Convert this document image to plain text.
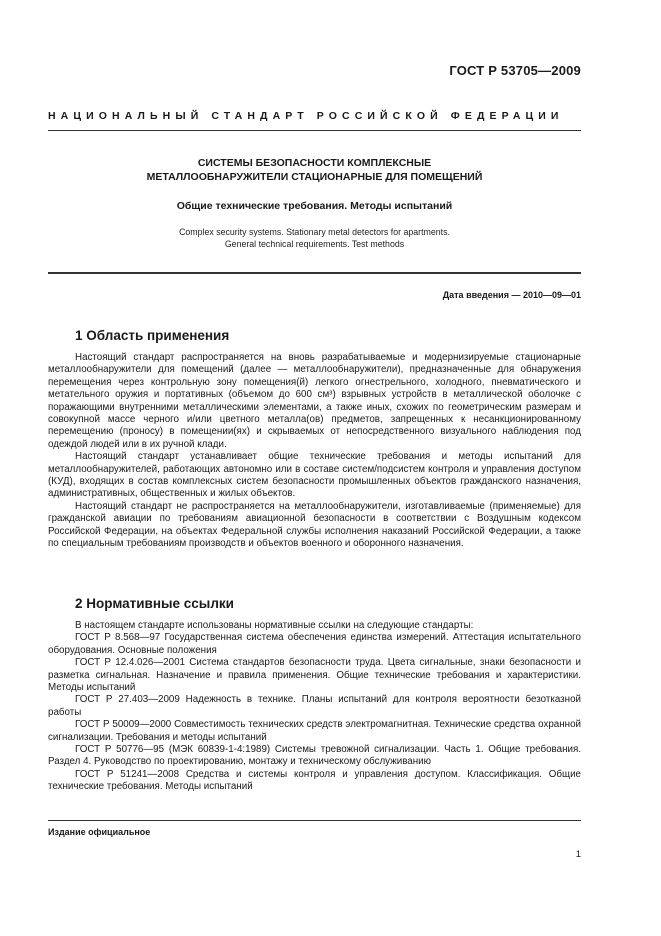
ГОСТ Р 53705—2009
НАЦИОНАЛЬНЫЙ СТАНДАРТ РОССИЙСКОЙ ФЕДЕРАЦИИ
СИСТЕМЫ БЕЗОПАСНОСТИ КОМПЛЕКСНЫЕ
МЕТАЛЛООБНАРУЖИТЕЛИ СТАЦИОНАРНЫЕ ДЛЯ ПОМЕЩЕНИЙ
Общие технические требования. Методы испытаний
Complex security systems. Stationary metal detectors for apartments.
General technical requirements. Test methods
Дата введения — 2010—09—01
1 Область применения

Настоящий стандарт распространяется на вновь разрабатываемые и модернизируемые стационарные металлообнаружители для помещений (далее — металлообнаружители), предназначенные для обнаружения перемещения через контрольную зону помещения(й) легкого огнестрельного, холодного, пневматического и метательного оружия и портативных (объемом до 600 см³) взрывных устройств в металлической оболочке с поражающими внутренними металлическими элементами, а также иных, схожих по геометрическим размерам и совокупной массе черного и/или цветного металла(ов) предметов, запрещенных к несанкционированному перемещению (проносу) в помещении(ях) и скрываемых от непосредственного визуального наблюдения под одеждой людей или в их ручной клади.

Настоящий стандарт устанавливает общие технические требования и методы испытаний для металлообнаружителей, работающих автономно или в составе систем/подсистем контроля и управления доступом (КУД), входящих в состав комплексных систем безопасности промышленных объектов гражданского назначения, административных, общественных и жилых объектов.

Настоящий стандарт не распространяется на металлообнаружители, изготавливаемые (применяемые) для гражданской авиации по требованиям авиационной безопасности в соответствии с Воздушным кодексом Российской Федерации, на объектах Федеральной службы исполнения наказаний Российской Федерации, а также по специальным требованиям производств и объектов военного и оборонного назначения.

2 Нормативные ссылки

В настоящем стандарте использованы нормативные ссылки на следующие стандарты:

ГОСТ Р 8.568—97 Государственная система обеспечения единства измерений. Аттестация испытательного оборудования. Основные положения

ГОСТ Р 12.4.026—2001 Система стандартов безопасности труда. Цвета сигнальные, знаки безопасности и разметка сигнальная. Назначение и правила применения. Общие технические требования и характеристики. Методы испытаний

ГОСТ Р 27.403—2009 Надежность в технике. Планы испытаний для контроля вероятности безотказной работы

ГОСТ Р 50009—2000 Совместимость технических средств электромагнитная. Технические средства охранной сигнализации. Требования и методы испытаний

ГОСТ Р 50776—95 (МЭК 60839-1-4:1989) Системы тревожной сигнализации. Часть 1. Общие требования. Раздел 4. Руководство по проектированию, монтажу и техническому обслуживанию

ГОСТ Р 51241—2008 Средства и системы контроля и управления доступом. Классификация. Общие технические требования. Методы испытаний

Издание официальное
1
